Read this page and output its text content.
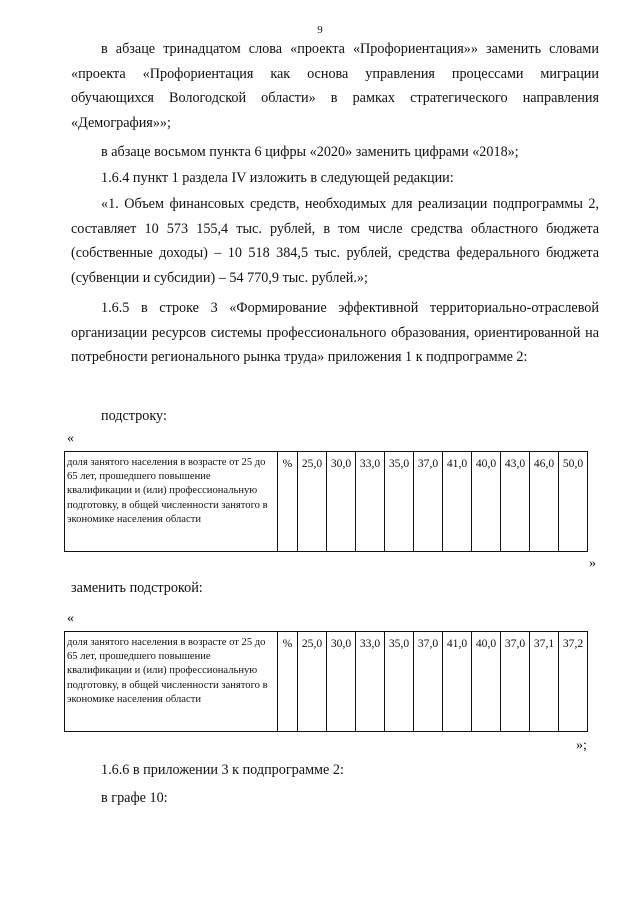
9
в абзаце тринадцатом слова «проекта «Профориентация»» заменить словами «проекта «Профориентация как основа управления процессами миграции обучающихся Вологодской области» в рамках стратегического направления «Демография»»;
в абзаце восьмом пункта 6 цифры «2020» заменить цифрами «2018»;
1.6.4 пункт 1 раздела IV изложить в следующей редакции:
«1. Объем финансовых средств, необходимых для реализации подпрограммы 2, составляет 10 573 155,4 тыс. рублей, в том числе средства областного бюджета (собственные доходы) – 10 518 384,5 тыс. рублей, средства федерального бюджета (субвенции и субсидии) – 54 770,9 тыс. рублей.»;
1.6.5 в строке 3 «Формирование эффективной территориально-отраслевой организации ресурсов системы профессионального образования, ориентированной на потребности регионального рынка труда» приложения 1 к подпрограмме 2:
подстроку:
«
доля занятого населения в возрасте от 25 до 65 лет, прошедшего повышение квалификации и (или) профессиональную подготовку, в общей численности занятого в экономике населения области	%	25,0	30,0	33,0	35,0	37,0	41,0	40,0	43,0	46,0	50,0
»
заменить подстрокой:
«
доля занятого населения в возрасте от 25 до 65 лет, прошедшего повышение квалификации и (или) профессиональную подготовку, в общей численности занятого в экономике населения области	%	25,0	30,0	33,0	35,0	37,0	41,0	40,0	37,0	37,1	37,2
»;
1.6.6 в приложении 3 к подпрограмме 2:
в графе 10:
